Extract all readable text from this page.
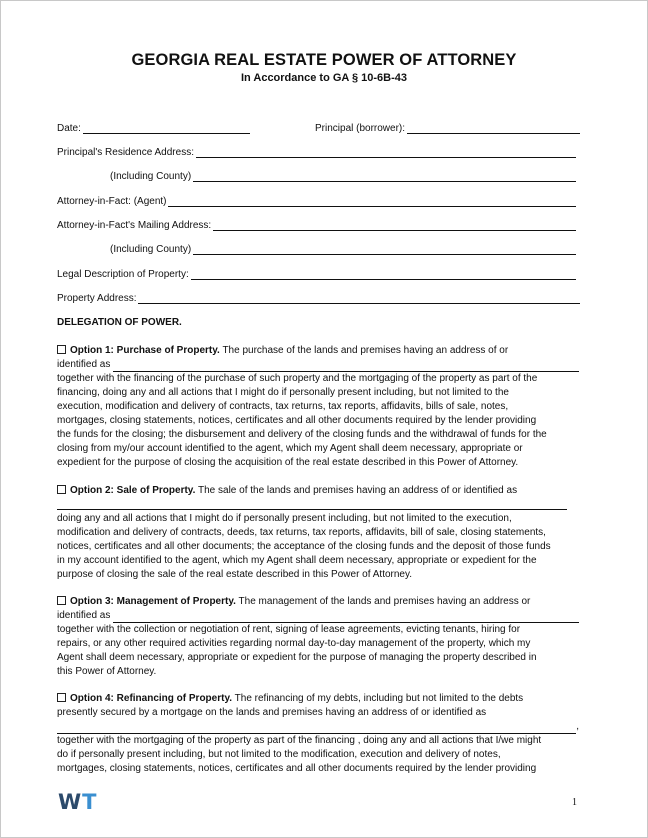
GEORGIA REAL ESTATE POWER OF ATTORNEY
In Accordance to GA § 10-6B-43
Date:	Principal (borrower):
Principal's Residence Address:
(Including County)
Attorney-in-Fact: (Agent)
Attorney-in-Fact's Mailing Address:
(Including County)
Legal Description of Property:
Property Address:
DELEGATION OF POWER.
Option 1: Purchase of Property. The purchase of the lands and premises having an address of or
identified as
together with the financing of the purchase of such property and the mortgaging of the property as part of the
financing, doing any and all actions that I might do if personally present including, but not limited to the
execution, modification and delivery of contracts, tax returns, tax reports, affidavits, bills of sale, notes,
mortgages, closing statements, notices, certificates and all other documents required by the lender providing
the funds for the closing; the disbursement and delivery of the closing funds and the withdrawal of funds for the
closing from my/our account identified to the agent, which my Agent shall deem necessary, appropriate or
expedient for the purpose of closing the acquisition of the real estate described in this Power of Attorney.
Option 2: Sale of Property. The sale of the lands and premises having an address of or identified as
doing any and all actions that I might do if personally present including, but not limited to the execution,
modification and delivery of contracts, deeds, tax returns, tax reports, affidavits, bill of sale, closing statements,
notices, certificates and all other documents; the acceptance of the closing funds and the deposit of those funds
in my account identified to the agent, which my Agent shall deem necessary, appropriate or expedient for the
purpose of closing the sale of the real estate described in this Power of Attorney.
Option 3: Management of Property. The management of the lands and premises having an address or
identified as
together with the collection or negotiation of rent, signing of lease agreements, evicting tenants, hiring for
repairs, or any other required activities regarding normal day-to-day management of the property, which my
Agent shall deem necessary, appropriate or expedient for the purpose of managing the property described in
this Power of Attorney.
Option 4: Refinancing of Property. The refinancing of my debts, including but not limited to the debts
presently secured by a mortgage on the lands and premises having an address of or identified as
,
together with the mortgaging of the property as part of the financing , doing any and all actions that I/we might
do if personally present including, but not limited to the modification, execution and delivery of notes,
mortgages, closing statements, notices, certificates and all other documents required by the lender providing
WT	1
